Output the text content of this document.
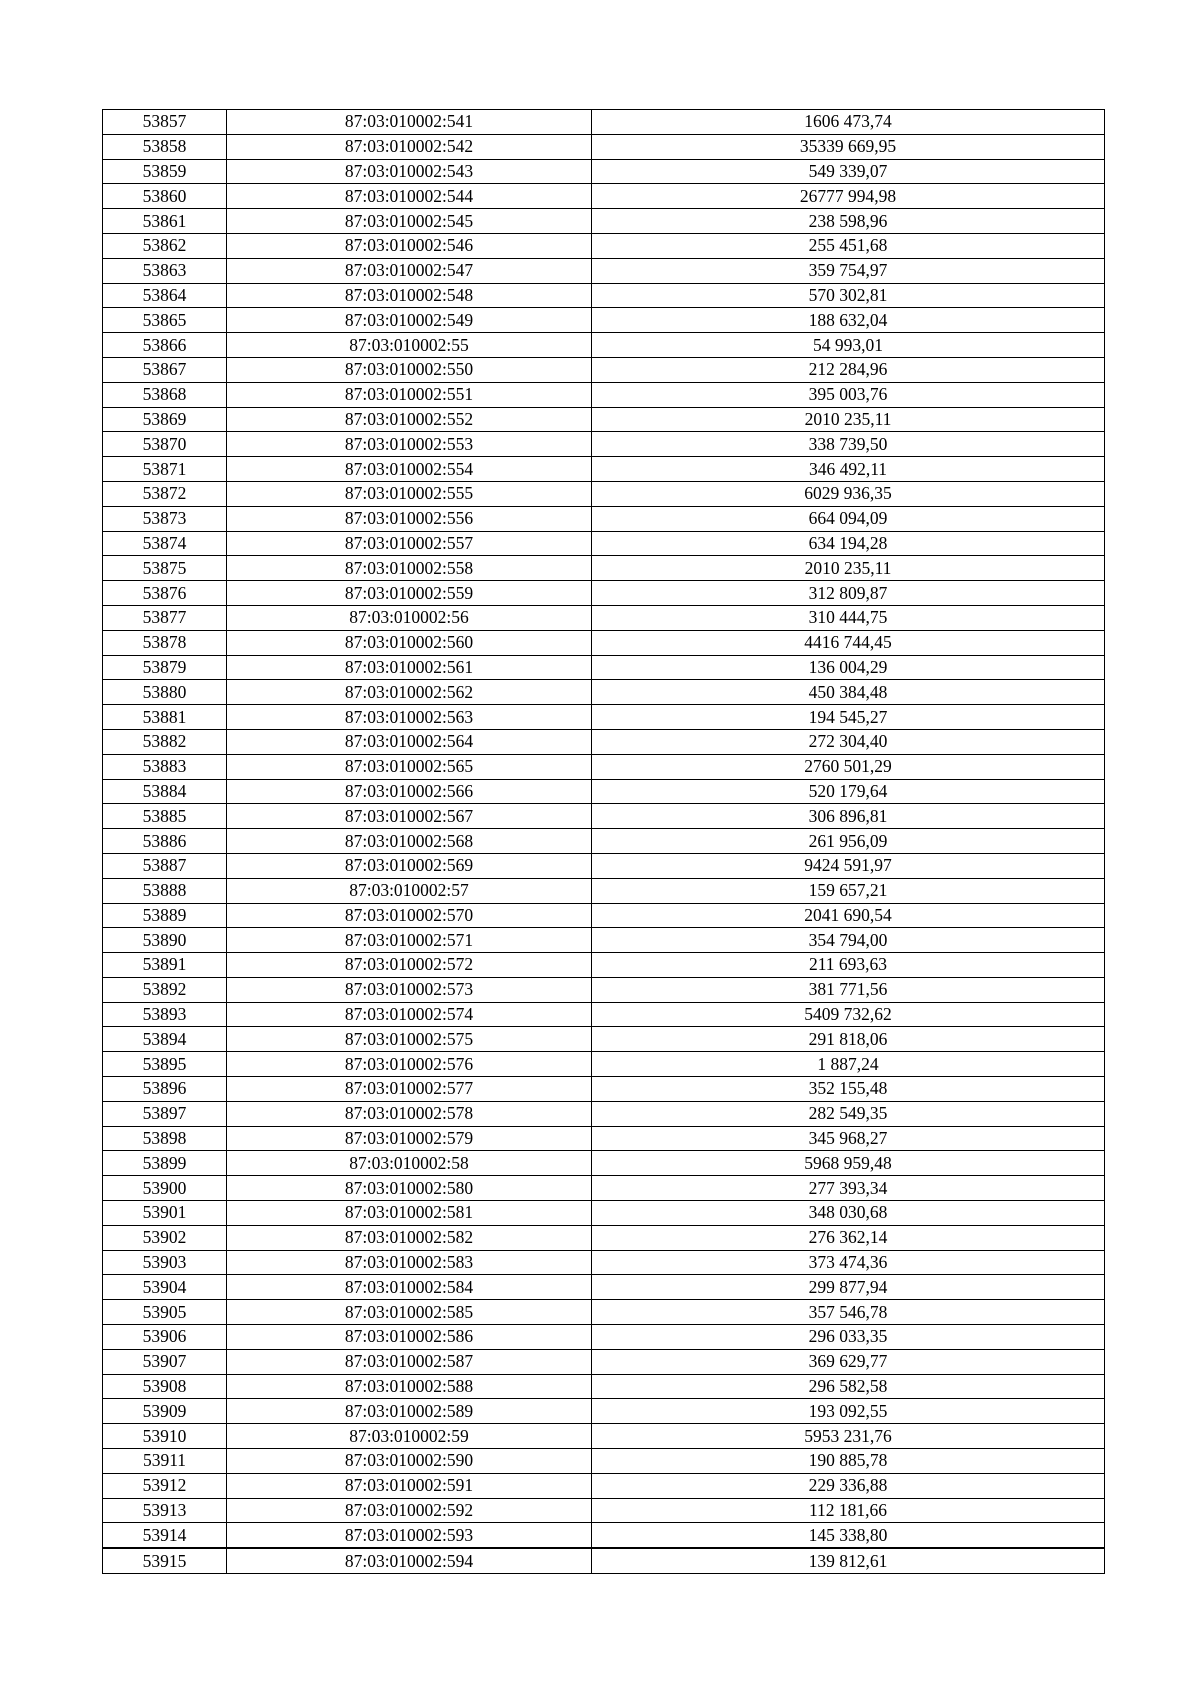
53857	87:03:010002:541	1606 473,74
53858	87:03:010002:542	35339 669,95
53859	87:03:010002:543	549 339,07
53860	87:03:010002:544	26777 994,98
53861	87:03:010002:545	238 598,96
53862	87:03:010002:546	255 451,68
53863	87:03:010002:547	359 754,97
53864	87:03:010002:548	570 302,81
53865	87:03:010002:549	188 632,04
53866	87:03:010002:55	54 993,01
53867	87:03:010002:550	212 284,96
53868	87:03:010002:551	395 003,76
53869	87:03:010002:552	2010 235,11
53870	87:03:010002:553	338 739,50
53871	87:03:010002:554	346 492,11
53872	87:03:010002:555	6029 936,35
53873	87:03:010002:556	664 094,09
53874	87:03:010002:557	634 194,28
53875	87:03:010002:558	2010 235,11
53876	87:03:010002:559	312 809,87
53877	87:03:010002:56	310 444,75
53878	87:03:010002:560	4416 744,45
53879	87:03:010002:561	136 004,29
53880	87:03:010002:562	450 384,48
53881	87:03:010002:563	194 545,27
53882	87:03:010002:564	272 304,40
53883	87:03:010002:565	2760 501,29
53884	87:03:010002:566	520 179,64
53885	87:03:010002:567	306 896,81
53886	87:03:010002:568	261 956,09
53887	87:03:010002:569	9424 591,97
53888	87:03:010002:57	159 657,21
53889	87:03:010002:570	2041 690,54
53890	87:03:010002:571	354 794,00
53891	87:03:010002:572	211 693,63
53892	87:03:010002:573	381 771,56
53893	87:03:010002:574	5409 732,62
53894	87:03:010002:575	291 818,06
53895	87:03:010002:576	1 887,24
53896	87:03:010002:577	352 155,48
53897	87:03:010002:578	282 549,35
53898	87:03:010002:579	345 968,27
53899	87:03:010002:58	5968 959,48
53900	87:03:010002:580	277 393,34
53901	87:03:010002:581	348 030,68
53902	87:03:010002:582	276 362,14
53903	87:03:010002:583	373 474,36
53904	87:03:010002:584	299 877,94
53905	87:03:010002:585	357 546,78
53906	87:03:010002:586	296 033,35
53907	87:03:010002:587	369 629,77
53908	87:03:010002:588	296 582,58
53909	87:03:010002:589	193 092,55
53910	87:03:010002:59	5953 231,76
53911	87:03:010002:590	190 885,78
53912	87:03:010002:591	229 336,88
53913	87:03:010002:592	112 181,66
53914	87:03:010002:593	145 338,80
53915	87:03:010002:594	139 812,61
